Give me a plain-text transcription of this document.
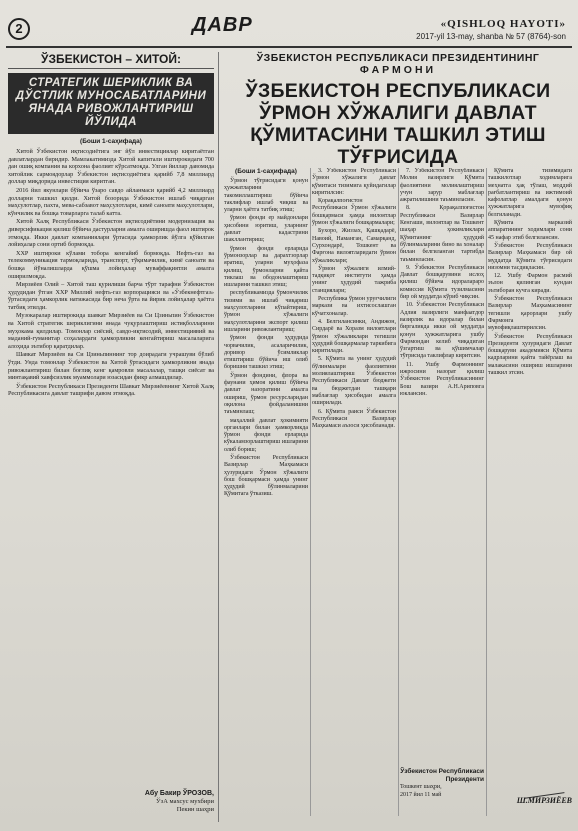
2	ДАВР	«QISHLOQ HAYOTI»
2017-yil 13-may, shanba № 57 (8764)-son
ЎЗБЕКИСТОН – ХИТОЙ:
СТРАТЕГИК ШЕРИКЛИК ВА ДЎСТЛИК МУНОСАБАТЛАРИНИ ЯНАДА РИВОЖЛАНТИРИШ ЙЎЛИДА
(Боши 1-саҳифада)

Хитой Ўзбекистон иқтисодиётига энг йўл инвестициялар киритаётган давлатлардан биридир. Мамлакатимизда Хитой капитали иштирокидаги 700 дан ошиқ компания ва корхона фаолият кўрсатмоқда. Улган йиллар давомида хитойлик сармоядорлар Ўзбекистон иқтисодиётига қарийб 7,8 миллиард доллар миқдорида инвестиция киритган.

2016 йил якунлари бўйича ўзаро савдо айланмаси қарийб 4,2 миллиард долларни ташкил қилди. Хитой бозорида Ўзбекистон ишлаб чиқарган маҳсулотлар, пахта, мева-сабзавот маҳсулотлари, кимё саноати маҳсулотлари, кўнчилик ва бошқа товарларга талаб катта.

Хитой Халқ Республикаси Ўзбекистон иқтисодиётини модернизация ва диверсификация қилиш бўйича дастурларни амалга оширишда фаол иштирок этмоқда. Икки давлат компаниялари ўртасида ҳамкорлик йўлга қўйилган лойиҳалар сони ортиб бормоқда.

ХХР иштироки кўлами тобора кенгайиб бормоқда. Нефть-газ ва телекоммуникация тармоқларида, транспорт, тўқимачилик, кимё саноати ва бошқа йўналишларда қўшма лойиҳалар муваффақиятли амалга оширилмоқда.

Мирзиёев Олий – Хитой таш қурилиши барча тўрт тарафни Ўзбекистон ҳудудидан ўтган ХХР Миллий нефть-газ корпорацияси ва «Ўзбекнефтгаз» ўртасидаги ҳамкорлик натижасида бир неча ўрта ва йирик лойиҳалар ҳаётга татбиқ этилди.

Музокаралар иштирокида шавкат Мирзиёев ва Си Цзиньпин Ўзбекистон ва Хитой стратегик шериклигини янада чуқурлаштириш истиқболларини муҳокама қилдилар. Томонлар сиёсий, савдо-иқтисодий, инвестициявий ва маданий-гуманитар соҳалардаги ҳамкорликни кенгайтириш масалаларига алоҳида эътибор қаратдилар.

Шавкат Мирзиёев ва Си Цзиньпиннинг тор доирадаги учрашуви бўлиб ўтди. Унда томонлар Ўзбекистон ва Хитой ўртасидаги ҳамкорликни янада ривожлантириш билан боғлиқ кенг қамровли масалалар, ташқи сиёсат ва минтақавий хавфсизлик муаммолари юзасидан фикр алмашдилар.

Ўзбекистон Республикаси Президенти Шавкат Мирзиёевнинг Хитой Халқ Республикасига давлат ташрифи давом этмоқда.

Абу Бакир ЎРОЗОВ,
ЎзА махсус мухбири
Пекин шаҳри
ЎЗБЕКИСТОН РЕСПУБЛИКАСИ ПРЕЗИДЕНТИНИНГ
ФАРМОНИ
ЎЗБЕКИСТОН РЕСПУБЛИКАСИ ЎРМОН ХЎЖАЛИГИ ДАВЛАТ ҚЎМИТАСИНИ ТАШКИЛ ЭТИШ ТЎҒРИСИДА

(Боши 1-саҳифада)

Ўрмон тўғрисидаги қонун ҳужжатларини такомиллаштириш бўйича таклифлар ишлаб чиқиш ва уларни ҳаётга татбиқ этиш;

ўрмон фонди ер майдонлари ҳисобини юритиш, уларнинг давлат кадастрини шакллантириш;

ўрмон фонди ерларида ўрмонзорлар ва дарахтзорлар яратиш, уларни муҳофаза қилиш, ўрмонларни қайта тиклаш ва ободонлаштириш ишларини ташкил этиш;

республикамизда ўрмончилик тизими ва ишлаб чиқариш маҳсулотларини кўпайтириш, ўрмон хўжалиги маҳсулотларини экспорт қилиш ишларини ривожлантириш;

ўрмон фонди ҳудудида чорвачилик, асаларичилик, доривор ўсимликлар етиштириш бўйича иш олиб боришни ташкил этиш;

Ўрмон фондини, флора ва фаунани ҳимоя қилиш бўйича давлат назоратини амалга ошириш, ўрмон ресурсларидан оқилона фойдаланишни таъминлаш;

маҳаллий давлат ҳокимияти органлари билан ҳамкорликда ўрмон фонди ерларида кўкаламзорлаштириш ишларини олиб бориш;

Ўзбекистон Республикаси Вазирлар Маҳкамаси ҳузуридаги Ўрмон хўжалиги бош бошқармаси ҳамда унинг ҳудудий бўлинмаларини Қўмитага ўтказиш.

3. Ўзбекистон Республикаси Ўрмон хўжалиги давлат қўмитаси тизимига қуйидагилар киритилсин:

Қорақалпоғистон Республикаси Ўрмон хўжалиги бошқармаси ҳамда вилоятлар ўрмон хўжалиги бошқармалари;

Бухоро, Жиззах, Қашқадарё, Навоий, Наманган, Самарқанд, Сурхондарё, Тошкент ва Фарғона вилоятларидаги ўрмон хўжаликлари;

Ўрмон хўжалиги илмий-тадқиқот институти ҳамда унинг ҳудудий тажриба станциялари;

Республика ўрмон уруғчилиги маркази ва ихтисослашган кўчатхоналар.

4. Белгилансинки, Андижон, Сирдарё ва Хоразм вилоятлари ўрмон хўжаликлари тегишли ҳудудий бошқармалар таркибига киритилади.

5. Қўмита ва унинг ҳудудий бўлинмалари фаолиятини молиялаштириш Ўзбекистон Республикаси Давлат бюджети ва бюджетдан ташқари маблағлар ҳисобидан амалга оширилади.

6. Қўмита раиси Ўзбекистон Республикаси Вазирлар Маҳкамаси аъзоси ҳисобланади.

7. Ўзбекистон Республикаси Молия вазирлиги Қўмита фаолиятини молиялаштириш учун зарур маблағлар ажратилишини таъминласин.

8. Қорақалпоғистон Республикаси Вазирлар Кенгаши, вилоятлар ва Тошкент шаҳар ҳокимликлари Қўмитанинг ҳудудий бўлинмаларини бино ва хоналар билан белгиланган тартибда таъминласин.

9. Ўзбекистон Республикаси Давлат бошқарувини ислоҳ қилиш бўйича идоралараро комиссия Қўмита тузилмасини бир ой муддатда кўриб чиқсин.

10. Ўзбекистон Республикаси Адлия вазирлиги манфаатдор вазирлик ва идоралар билан биргаликда икки ой муддатда қонун ҳужжатларига ушбу Фармондан келиб чиқадиган ўзгартиш ва қўшимчалар тўғрисида таклифлар киритсин.

11. Ушбу Фармоннинг ижросини назорат қилиш Ўзбекистон Республикасининг Бош вазири А.Н.Ариповга юклансин.

Қўмита тизимидаги ташкилотлар ходимларига меҳнатга ҳақ тўлаш, моддий рағбатлантириш ва ижтимоий кафолатлар амалдаги қонун ҳужжатларига мувофиқ белгиланади.

Қўмита марказий аппаратининг ходимлари сони 45 нафар этиб белгилансин.

Ўзбекистон Республикаси Вазирлар Маҳкамаси бир ой муддатда Қўмита тўғрисидаги низомни тасдиқласин.

12. Ушбу Фармон расмий эълон қилинган кундан эътиборан кучга киради.

Ўзбекистон Республикаси Вазирлар Маҳкамасининг тегишли қарорлари ушбу Фармонга мувофиқлаштирилсин.

Ўзбекистон Республикаси Президенти ҳузуридаги Давлат бошқаруви академияси Қўмита кадрларини қайта тайёрлаш ва малакасини ошириш ишларини ташкил этсин.

Ўзбекистон Республикаси Президенти
Тошкент шаҳри,
2017 йил 11 май
Ш.МИРЗИЁЕВ
